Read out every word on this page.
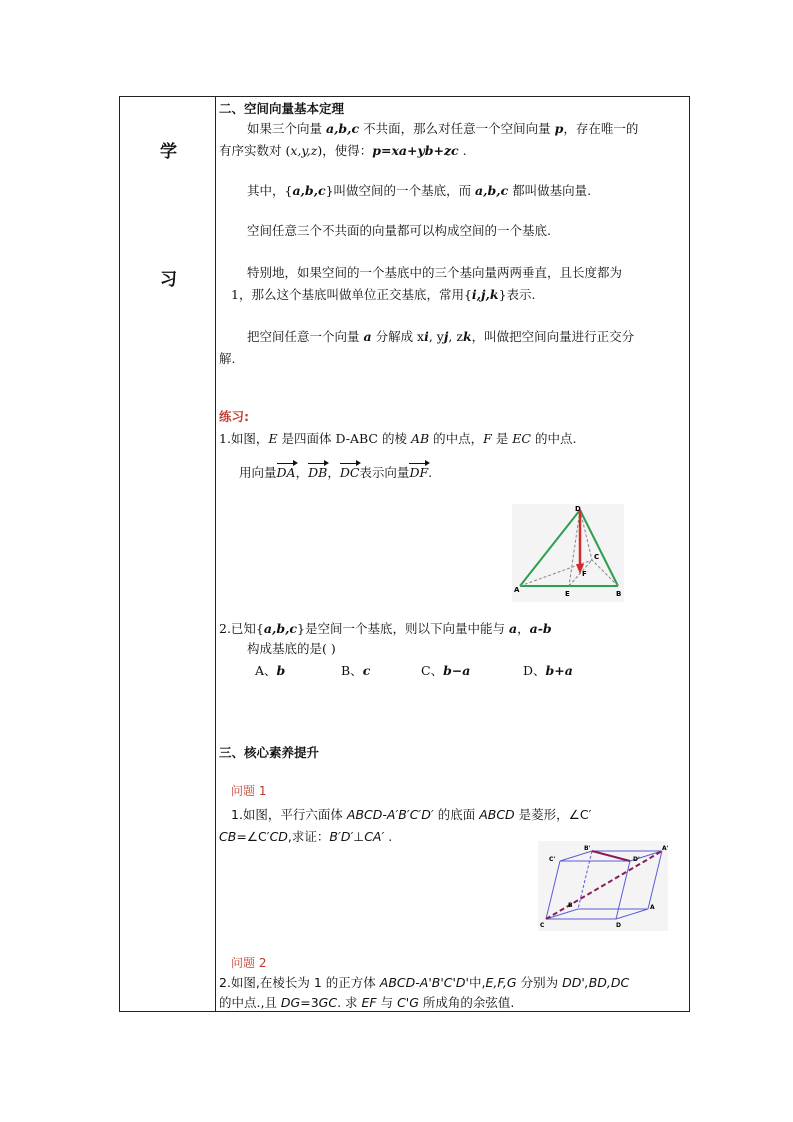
学
习
二、空间向量基本定理
如果三个向量 a,b,c 不共面，那么对任意一个空间向量 p，存在唯一的
有序实数对 (x,y,z)，使得：p=xa+yb+zc .
其中，{a,b,c}叫做空间的一个基底，而 a,b,c 都叫做基向量.
空间任意三个不共面的向量都可以构成空间的一个基底.
特别地，如果空间的一个基底中的三个基向量两两垂直，且长度都为
1，那么这个基底叫做单位正交基底，常用{i,j,k}表示.
把空间任意一个向量 a 分解成 xi, yj, zk，叫做把空间向量进行正交分
解.
练习:
1.如图，E 是四面体 D-ABC 的棱 AB 的中点，F 是 EC 的中点.
用向量DA，DB，DC表示向量DF.
D
C
F
A	E	B
2.已知{a,b,c}是空间一个基底，则以下向量中能与 a，a-b
构成基底的是( )
A、b	B、c	C、b−a	D、b+a
三、核心素养提升
问题 1
1.如图，平行六面体 ABCD-A′B′C′D′ 的底面 ABCD 是菱形，∠C′
CB=∠C′CD,求证：B′D′⊥CA′ .
B'	A'
C'	D'
B	A
C	D
问题 2
2.如图,在棱长为 1 的正方体 ABCD-A'B'C'D'中,E,F,G 分别为 DD',BD,DC
的中点.,且 DG=3GC. 求 EF 与 C'G 所成角的余弦值.
